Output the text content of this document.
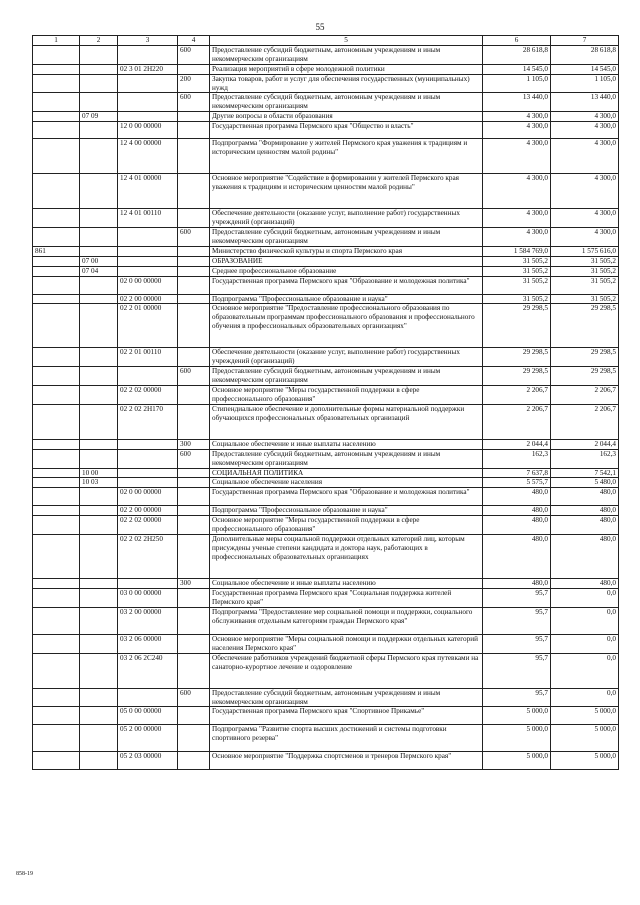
55
1	2	3	4	5	6	7
			600	Предоставление субсидий бюджетным, автономным учреждениям и иным некоммерческим организациям	28 618,8	28 618,8
		02 3 01 2Н220		Реализация мероприятий в сфере молодежной политики	14 545,0	14 545,0
			200	Закупка товаров, работ и услуг для обеспечения государственных (муниципальных) нужд	1 105,0	1 105,0
			600	Предоставление субсидий бюджетным, автономным учреждениям и иным некоммерческим организациям	13 440,0	13 440,0
	07 09			Другие вопросы в области образования	4 300,0	4 300,0
		12 0 00 00000		Государственная программа Пермского края "Общество и власть"	4 300,0	4 300,0
		12 4 00 00000		Подпрограмма "Формирование у жителей Пермского края уважения к традициям и историческим ценностям малой родины"	4 300,0	4 300,0
		12 4 01 00000		Основное мероприятие "Содействие в формировании у жителей Пермского края уважения к традициям и историческим ценностям малой родины"	4 300,0	4 300,0
		12 4 01 00110		Обеспечение деятельности (оказание услуг, выполнение работ) государственных учреждений (организаций)	4 300,0	4 300,0
			600	Предоставление субсидий бюджетным, автономным учреждениям и иным некоммерческим организациям	4 300,0	4 300,0
861				Министерство физической культуры и спорта Пермского края	1 584 769,0	1 575 616,0
	07 00			ОБРАЗОВАНИЕ	31 505,2	31 505,2
	07 04			Среднее профессиональное образование	31 505,2	31 505,2
		02 0 00 00000		Государственная программа Пермского края "Образование и молодежная политика"	31 505,2	31 505,2
		02 2 00 00000		Подпрограмма "Профессиональное образование и наука"	31 505,2	31 505,2
		02 2 01 00000		Основное мероприятие "Предоставление профессионального образования по образовательным программам профессионального образования и профессионального обучения в профессиональных образовательных организациях"	29 298,5	29 298,5
		02 2 01 00110		Обеспечение деятельности (оказание услуг, выполнение работ) государственных учреждений (организаций)	29 298,5	29 298,5
			600	Предоставление субсидий бюджетным, автономным учреждениям и иным некоммерческим организациям	29 298,5	29 298,5
		02 2 02 00000		Основное мероприятие "Меры государственной поддержки в сфере профессионального образования"	2 206,7	2 206,7
		02 2 02 2Н170		Стипендиальное обеспечение и дополнительные формы материальной поддержки обучающихся профессиональных образовательных организаций	2 206,7	2 206,7
			300	Социальное обеспечение и иные выплаты населению	2 044,4	2 044,4
			600	Предоставление субсидий бюджетным, автономным учреждениям и иным некоммерческим организациям	162,3	162,3
	10 00			СОЦИАЛЬНАЯ ПОЛИТИКА	7 637,8	7 542,1
	10 03			Социальное обеспечение населения	5 575,7	5 480,0
		02 0 00 00000		Государственная программа Пермского края "Образование и молодежная политика"	480,0	480,0
		02 2 00 00000		Подпрограмма "Профессиональное образование и наука"	480,0	480,0
		02 2 02 00000		Основное мероприятие "Меры государственной поддержки в сфере профессионального образования"	480,0	480,0
		02 2 02 2Н250		Дополнительные меры социальной поддержки отдельных категорий лиц, которым присуждены ученые степени кандидата и доктора наук, работающих в профессиональных образовательных организациях	480,0	480,0
			300	Социальное обеспечение и иные выплаты населению	480,0	480,0
		03 0 00 00000		Государственная программа Пермского края "Социальная поддержка жителей Пермского края"	95,7	0,0
		03 2 00 00000		Подпрограмма "Предоставление мер социальной помощи и поддержки, социального обслуживания отдельным категориям граждан Пермского края"	95,7	0,0
		03 2 06 00000		Основное мероприятие "Меры социальной помощи и поддержки отдельных категорий населения Пермского края"	95,7	0,0
		03 2 06 2С240		Обеспечение работников учреждений бюджетной сферы Пермского края путевками на санаторно-курортное лечение и оздоровление	95,7	0,0
			600	Предоставление субсидий бюджетным, автономным учреждениям и иным некоммерческим организациям	95,7	0,0
		05 0 00 00000		Государственная программа Пермского края "Спортивное Прикамье"	5 000,0	5 000,0
		05 2 00 00000		Подпрограмма "Развитие спорта высших достижений и системы подготовки спортивного резерва"	5 000,0	5 000,0
		05 2 03 00000		Основное мероприятие "Поддержка спортсменов и тренеров Пермского края"	5 000,0	5 000,0
858-19
